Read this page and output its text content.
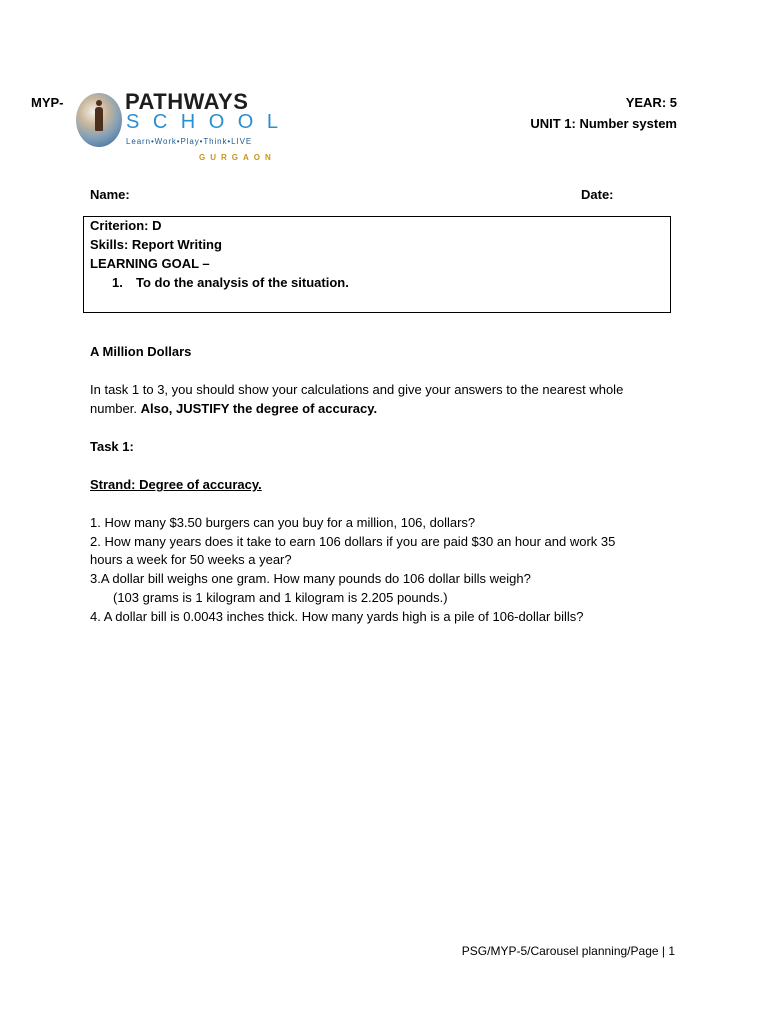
MYP-	PATHWAYS
SCHOOL
Learn•Work•Play•Think•LIVE
GURGAON
YEAR: 5
UNIT 1: Number system
Name:	Date:
Criterion: D
Skills: Report Writing
LEARNING GOAL –
1. To do the analysis of the situation.
A Million Dollars
In task 1 to 3, you should show your calculations and give your answers to the nearest whole
number. Also, JUSTIFY the degree of accuracy.
Task 1:
Strand: Degree of accuracy.
1. How many $3.50 burgers can you buy for a million, 106, dollars?
2. How many years does it take to earn 106 dollars if you are paid $30 an hour and work 35
hours a week for 50 weeks a year?
3.A dollar bill weighs one gram. How many pounds do 106 dollar bills weigh?
(103 grams is 1 kilogram and 1 kilogram is 2.205 pounds.)
4. A dollar bill is 0.0043 inches thick. How many yards high is a pile of 106-dollar bills?
PSG/MYP-5/Carousel planning/Page | 1
